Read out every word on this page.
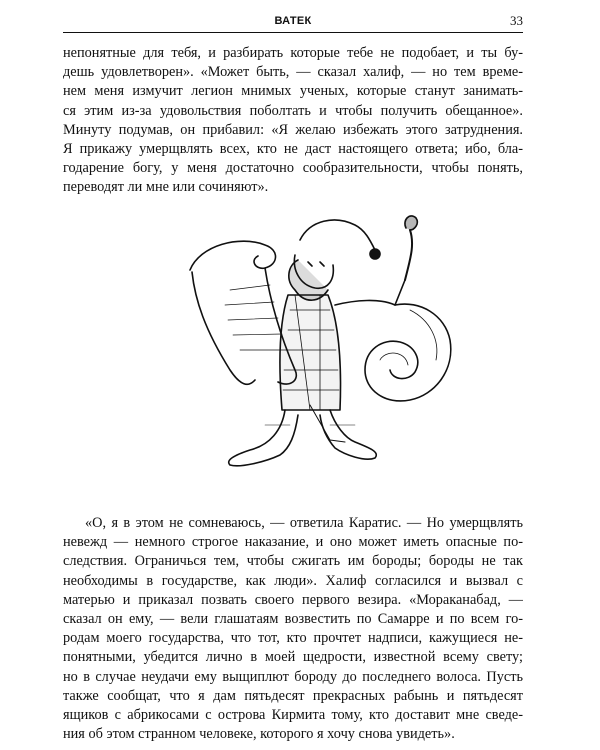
ВАТЕК	33
непонятные для тебя, и разбирать которые тебе не подобает, и ты бу-
дешь удовлетворен». «Может быть, — сказал халиф, — но тем време-
нем меня измучит легион мнимых ученых, которые станут занимать-
ся этим из-за удовольствия поболтать и чтобы получить обещанное».
Минуту подумав, он прибавил: «Я желаю избежать этого затруднения.
Я прикажу умерщвлять всех, кто не даст настоящего ответа; ибо, бла-
годарение богу, у меня достаточно сообразительности, чтобы понять,
переводят ли мне или сочиняют».
«О, я в этом не сомневаюсь, — ответила Каратис. — Но умерщвлять
невежд — немного строгое наказание, и оно может иметь опасные по-
следствия. Ограничься тем, чтобы сжигать им бороды; бороды не так
необходимы в государстве, как люди». Халиф согласился и вызвал с
матерью и приказал позвать своего первого везира. «Мораканабад, —
сказал он ему, — вели глашатаям возвестить по Самарре и по всем го-
родам моего государства, что тот, кто прочтет надписи, кажущиеся не-
понятными, убедится лично в моей щедрости, известной всему свету;
но в случае неудачи ему выщиплют бороду до последнего волоса. Пусть
также сообщат, что я дам пятьдесят прекрасных рабынь и пятьдесят
ящиков с абрикосами с острова Кирмита тому, кто доставит мне сведе-
ния об этом странном человеке, которого я хочу снова увидеть».
